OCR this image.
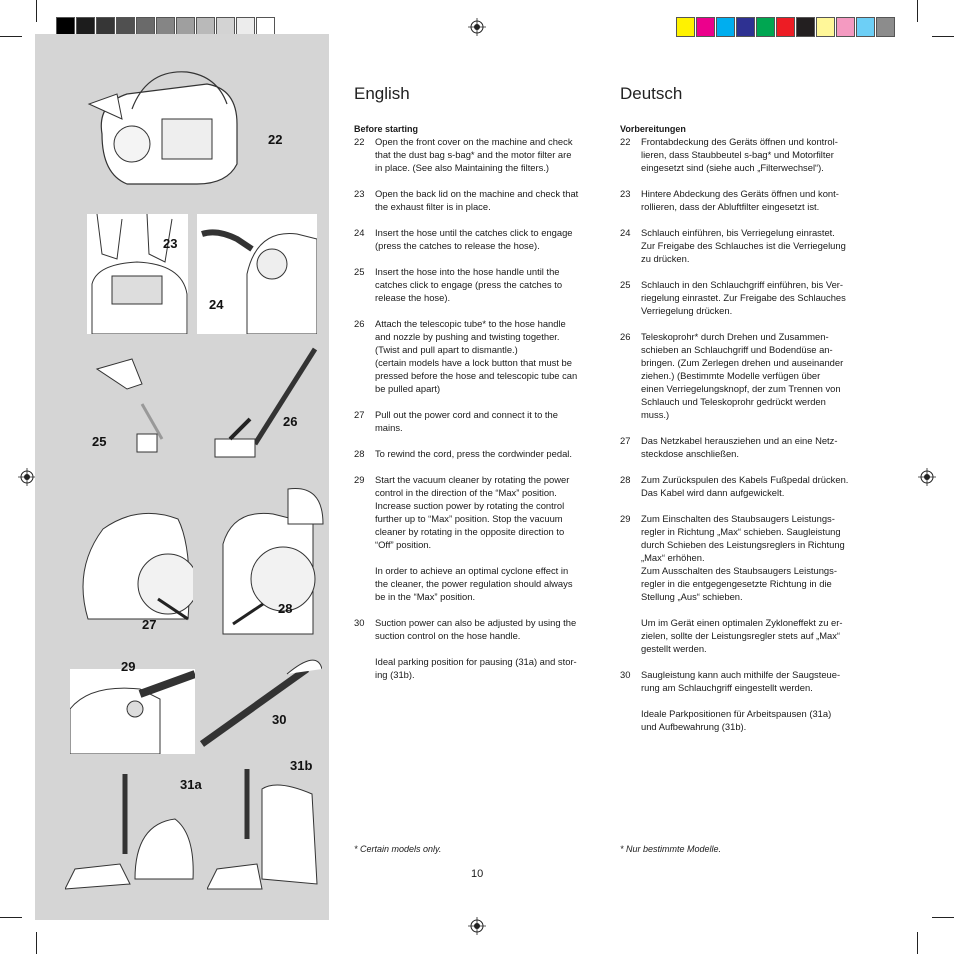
22
23
24
25
26
27
28
29
30
31a
31b
English
Before starting
22	Open the front cover on the machine and check
that the dust bag s-bag* and the motor filter are
in place. (See also Maintaining the filters.)
23	Open the back lid on the machine and check that
the exhaust filter is in place.
24	Insert the hose until the catches click to engage
(press the catches to release the hose).
25	Insert the hose into the hose handle until the
catches click to engage (press the catches to
release the hose).
26	Attach the telescopic tube* to the hose handle
and nozzle by pushing and twisting together.
(Twist and pull apart to dismantle.)
(certain models have a lock button that must be
pressed before the hose and telescopic tube can
be pulled apart)
27	Pull out the power cord and connect it to the
mains.
28	To rewind the cord, press the cordwinder pedal.
29	Start the vacuum cleaner by rotating the power
control in the direction of the “Max” position.
Increase suction power by rotating the control
further up to “Max” position. Stop the vacuum
cleaner by rotating in the opposite direction to
“Off” position.

In order to achieve an optimal cyclone effect in
the cleaner, the power regulation should always
be in the “Max” position.
30	Suction power can also be adjusted by using the
suction control on the hose handle.

Ideal parking position for pausing (31a) and stor-
ing (31b).
Deutsch
Vorbereitungen
22	Frontabdeckung des Geräts öffnen und kontrol-
lieren, dass Staubbeutel s-bag* und Motorfilter
eingesetzt sind (siehe auch „Filterwechsel“).
23	Hintere Abdeckung des Geräts öffnen und kont-
rollieren, dass der Abluftfilter eingesetzt ist.
24	Schlauch einführen, bis Verriegelung einrastet.
Zur Freigabe des Schlauches ist die Verriegelung
zu drücken.
25	Schlauch in den Schlauchgriff einführen, bis Ver-
riegelung einrastet. Zur Freigabe des Schlauches
Verriegelung drücken.
26	Teleskoprohr* durch Drehen und Zusammen-
schieben an Schlauchgriff und Bodendüse an-
bringen. (Zum Zerlegen drehen und auseinander
ziehen.) (Bestimmte Modelle verfügen über
einen Verriegelungsknopf, der zum Trennen von
Schlauch und Teleskoprohr gedrückt werden
muss.)
27	Das Netzkabel herausziehen und an eine Netz-
steckdose anschließen.
28	Zum Zurückspulen des Kabels Fußpedal drücken.
Das Kabel wird dann aufgewickelt.
29	Zum Einschalten des Staubsaugers Leistungs-
regler in Richtung „Max“ schieben. Saugleistung
durch Schieben des Leistungsreglers in Richtung
„Max“ erhöhen.
Zum Ausschalten des Staubsaugers Leistungs-
regler in die entgegengesetzte Richtung in die
Stellung „Aus“ schieben.

Um im Gerät einen optimalen Zykloneffekt zu er-
zielen, sollte der Leistungsregler stets auf „Max“
gestellt werden.
30	Saugleistung kann auch mithilfe der Saugsteue-
rung am Schlauchgriff eingestellt werden.

Ideale Parkpositionen für Arbeitspausen (31a)
und Aufbewahrung (31b).
* Certain models only.	* Nur bestimmte Modelle.
10
